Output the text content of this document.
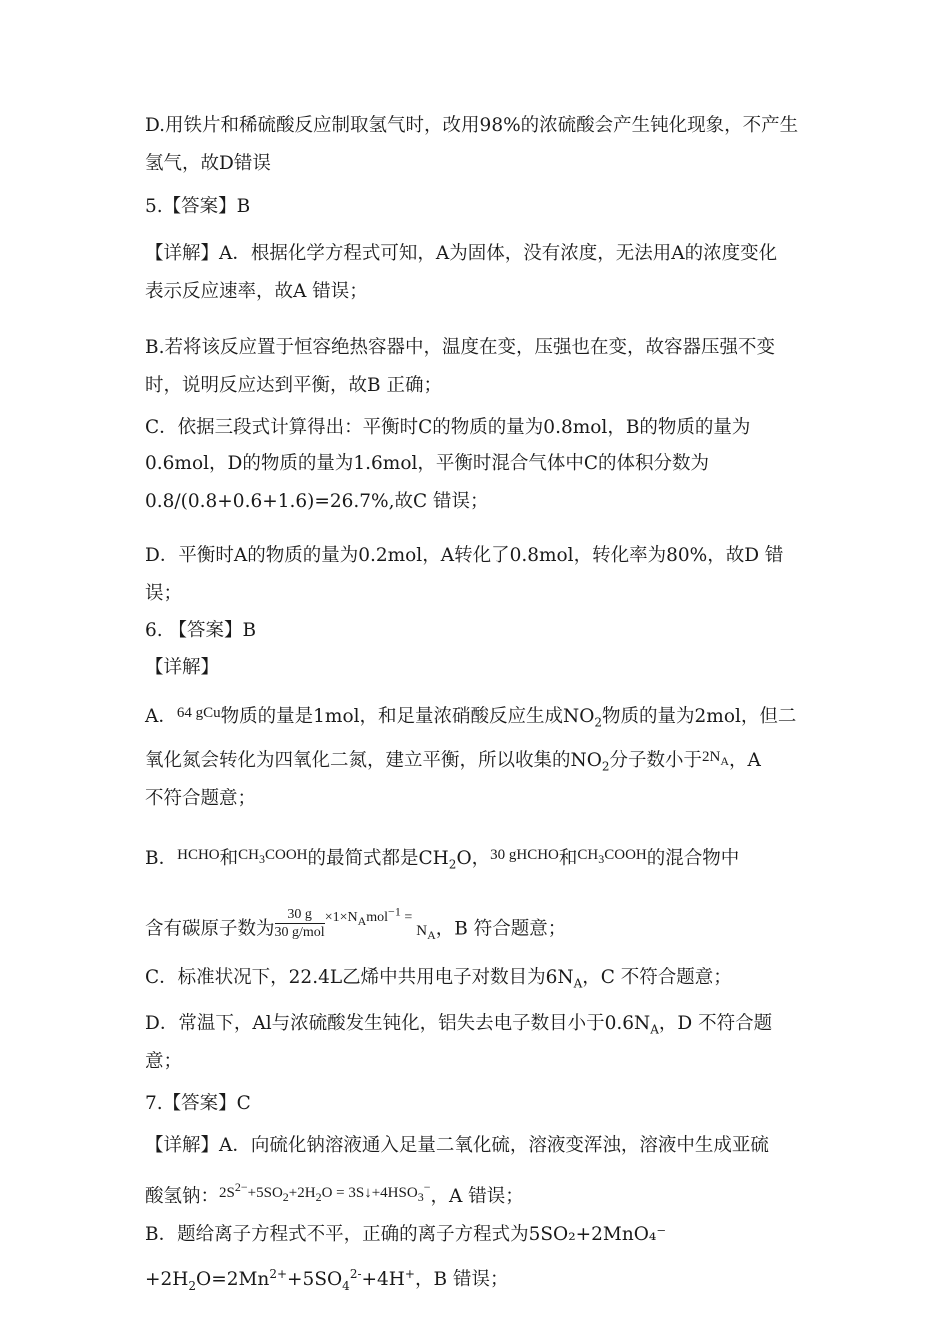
D.用铁片和稀硫酸反应制取氢气时，改用98%的浓硫酸会产生钝化现象，不产生
氢气，故D错误
5.【答案】B
【详解】A．根据化学方程式可知，A为固体，没有浓度，无法用A的浓度变化
表示反应速率，故A 错误；
B.若将该反应置于恒容绝热容器中，温度在变，压强也在变，故容器压强不变
时，说明反应达到平衡，故B 正确；
C．依据三段式计算得出：平衡时C的物质的量为0.8mol，B的物质的量为
0.6mol，D的物质的量为1.6mol，平衡时混合气体中C的体积分数为
0.8/(0.8+0.6+1.6)=26.7%,故C 错误；
D．平衡时A的物质的量为0.2mol，A转化了0.8mol，转化率为80%，故D 错
误；
6. 【答案】B
【详解】
A．$^{64 gCu}$物质的量是1mol，和足量浓硝酸反应生成$NO_2$物质的量为2mol，但二
氧化氮会转化为四氧化二氮，建立平衡，所以收集的$NO_2$分子数小于$^{2N_A}$，A
不符合题意；
B．$^{HCHO}$和$^{CH_3COOH}$的最简式都是$CH_2O$，$^{30 gHCHO}$和$^{CH_3COOH}$的混合物中
含有碳原子数为 $\frac{30 g}{\text{30 g/mol}} ^{\times 1\times N_Amol^{-1} =}N_A$，B 符合题意；
C．标准状况下，22.4L乙烯中共用电子对数目为$6N_A$，C 不符合题意；
D．常温下，Al与浓硫酸发生钝化，铝失去电子数目小于$0.6N_A$，D 不符合题
意；
7.【答案】C
【详解】A．向硫化钠溶液通入足量二氧化硫，溶液变浑浊，溶液中生成亚硫
酸氢钠：$^{2S^{2-}+5SO_2+2H_2O = 3S↓+4HSO_3^-}$，A 错误；
B．题给离子方程式不平，正确的离子方程式为5SO₂+2MnO₄⁻
$+2H_2O=2Mn^{2+}+5SO_4^{2-}+4H^+$，B 错误；
